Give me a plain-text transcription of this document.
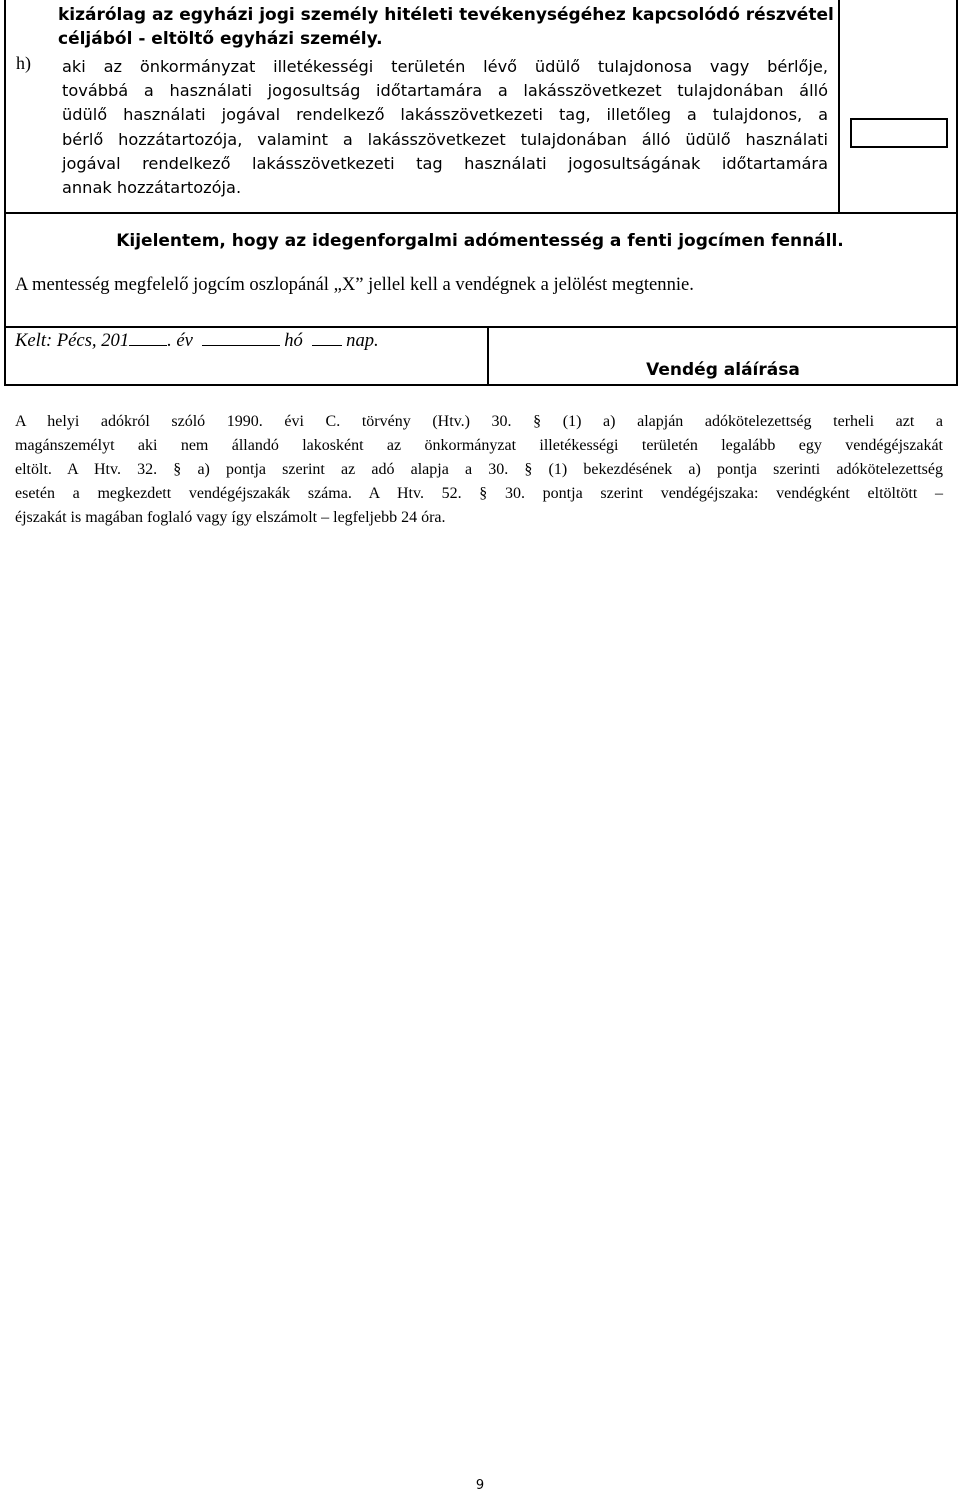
kizárólag az egyházi jogi személy hitéleti tevékenységéhez kapcsolódó részvétel
céljából - eltöltő egyházi személy.
h) aki az önkormányzat illetékességi területén lévő üdülő tulajdonosa vagy bérlője,
továbbá a használati jogosultság időtartamára a lakásszövetkezet tulajdonában álló
üdülő használati jogával rendelkező lakásszövetkezeti tag, illetőleg a tulajdonos, a
bérlő hozzátartozója, valamint a lakásszövetkezet tulajdonában álló üdülő használati
jogával rendelkező lakásszövetkezeti tag használati jogosultságának időtartamára
annak hozzátartozója.
Kijelentem, hogy az idegenforgalmi adómentesség a fenti jogcímen fennáll.
A mentesség megfelelő jogcím oszlopánál „X” jellel kell a vendégnek a jelölést megtennie.
Kelt: Pécs, 201 . év	hó nap.
Vendég aláírása
A helyi adókról szóló 1990. évi C. törvény (Htv.) 30. § (1) a) alapján adókötelezettség terheli azt a
magánszemélyt aki nem állandó lakosként az önkormányzat illetékességi területén legalább egy vendégéjszakát
eltölt. A Htv. 32. § a) pontja szerint az adó alapja a 30. § (1) bekezdésének a) pontja szerinti adókötelezettség
esetén a megkezdett vendégéjszakák száma. A Htv. 52. § 30. pontja szerint vendégéjszaka: vendégként eltöltött –
éjszakát is magában foglaló vagy így elszámolt – legfeljebb 24 óra.
9
